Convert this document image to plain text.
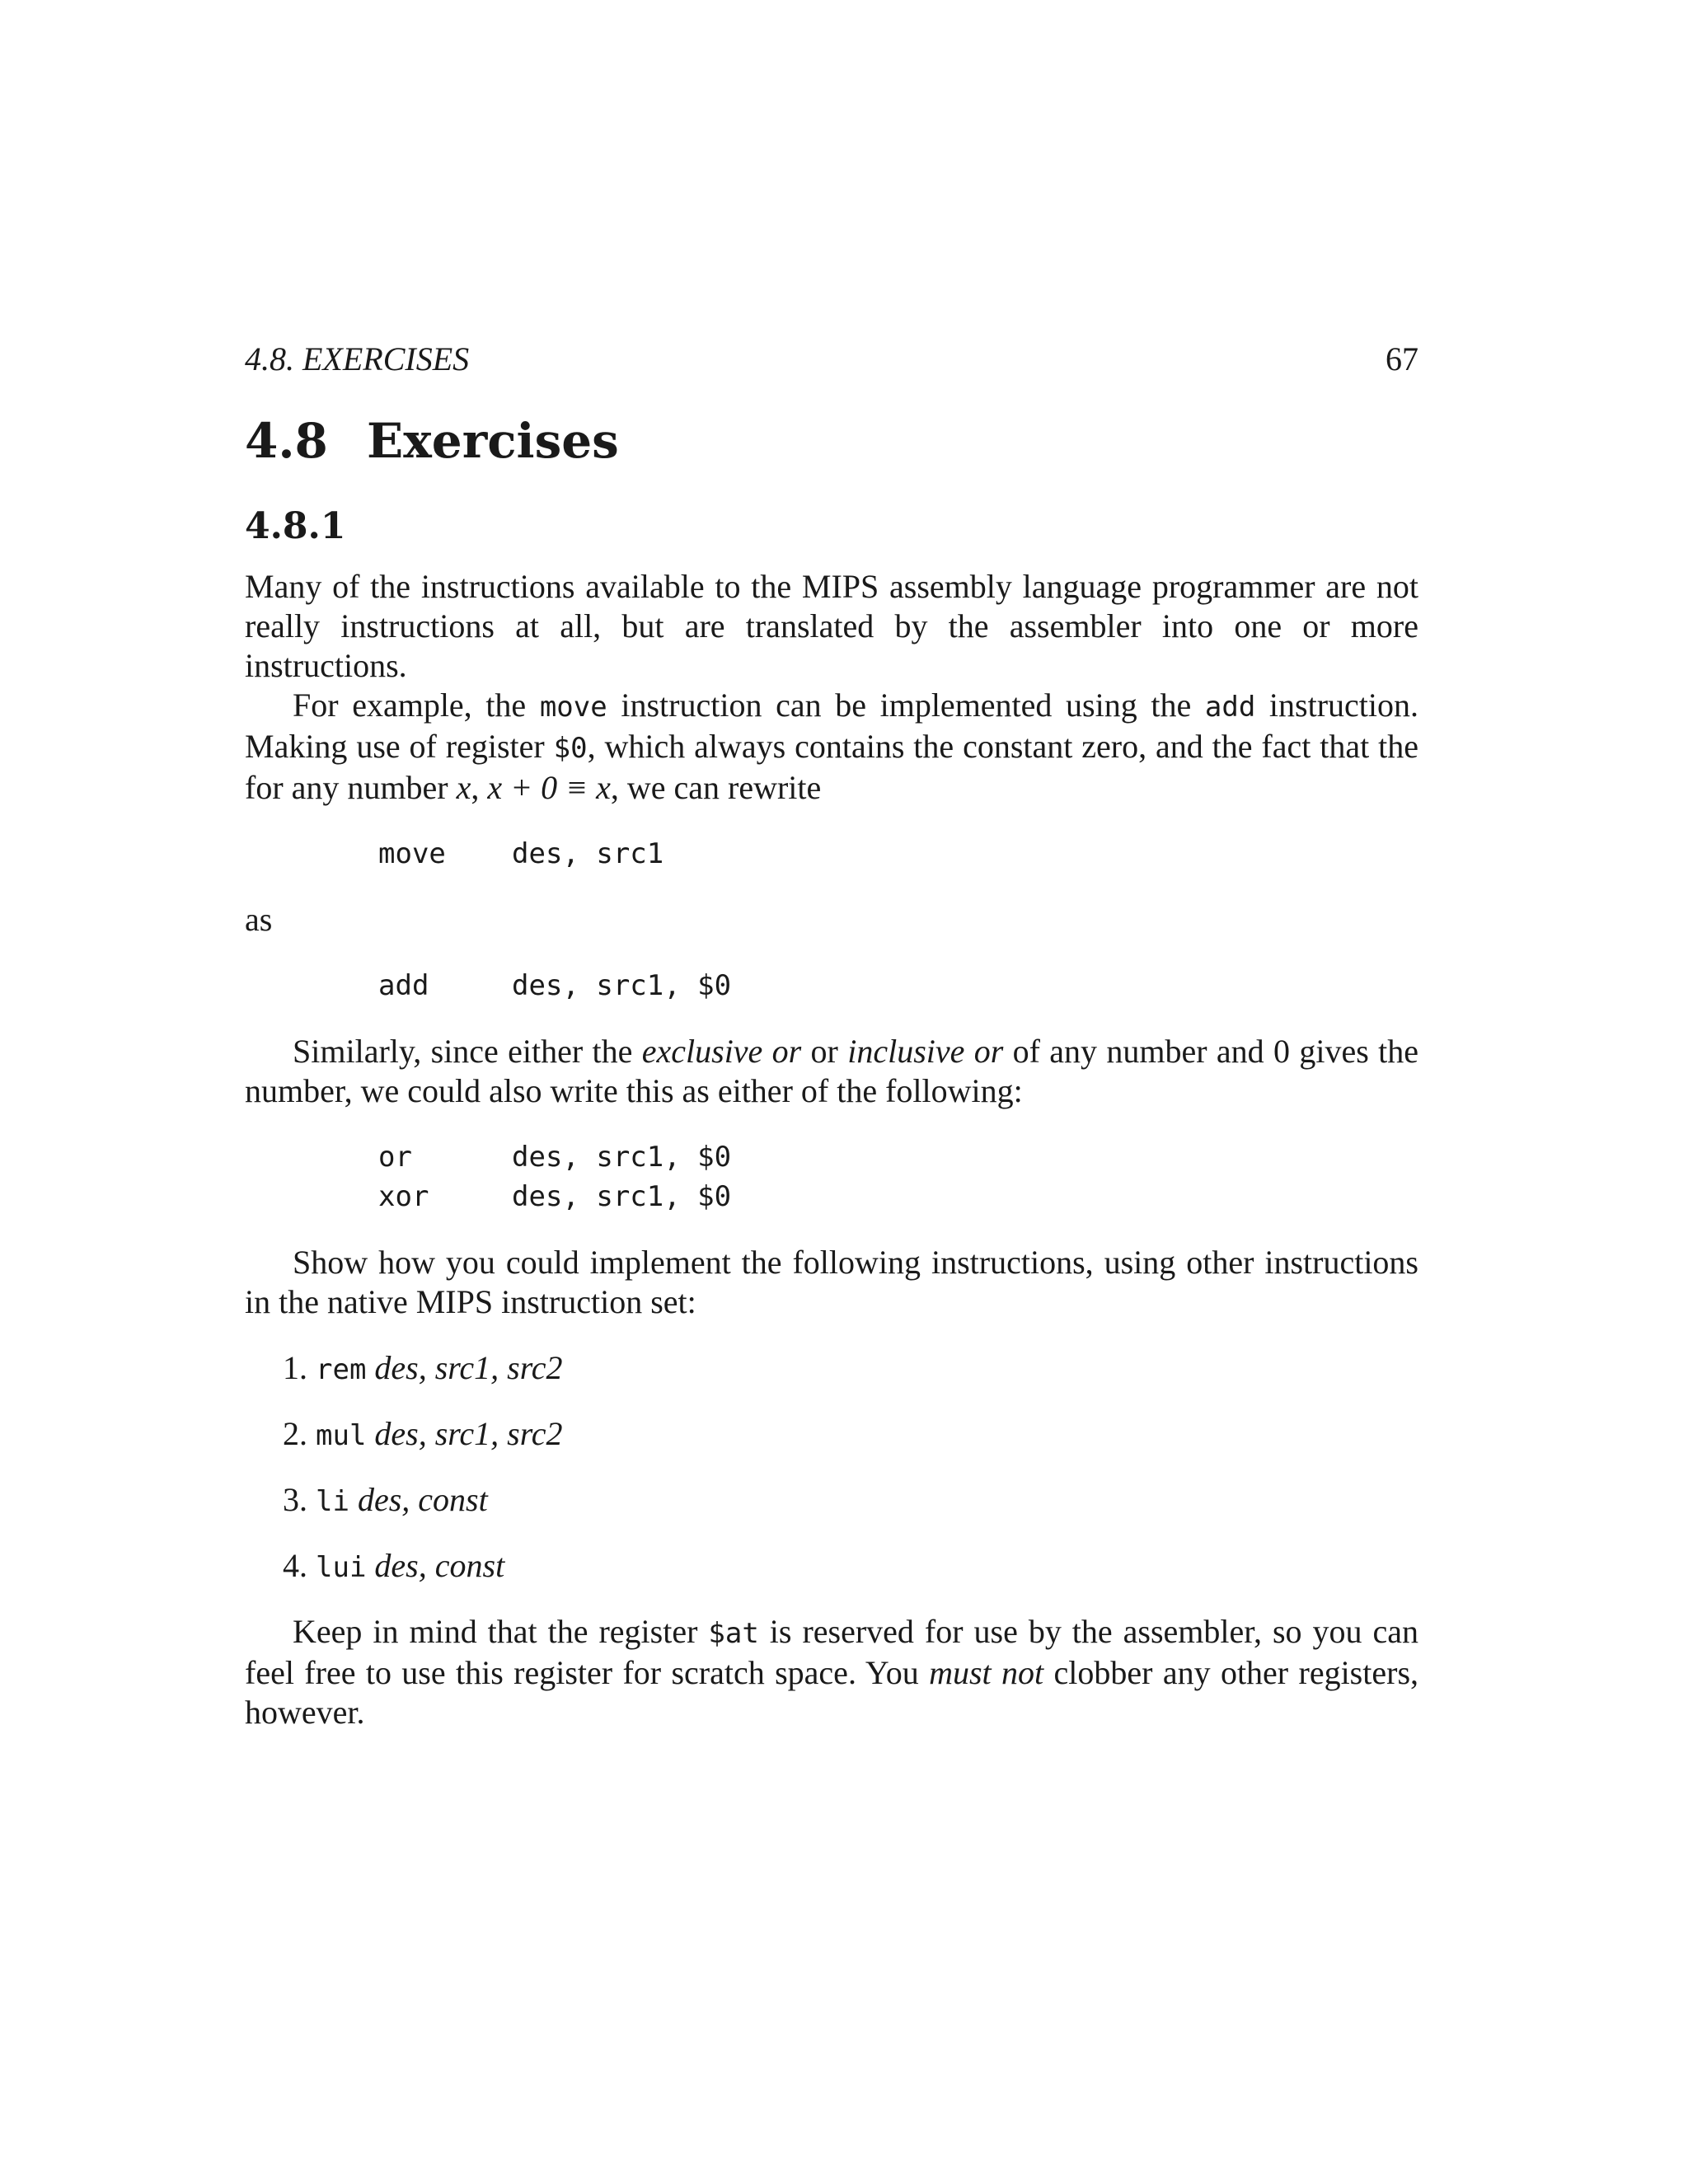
4.8. EXERCISES	67
4.8 Exercises
4.8.1

Many of the instructions available to the MIPS assembly language programmer are not really instructions at all, but are translated by the assembler into one or more instructions.

For example, the move instruction can be implemented using the add instruction. Making use of register $0, which always contains the constant zero, and the fact that the for any number x, x + 0 ≡ x, we can rewrite

move des, src1
as
add	des, src1, $0

Similarly, since either the exclusive or or inclusive or of any number and 0 gives the number, we could also write this as either of the following:

or	des, src1, $0
xor	des, src1, $0

Show how you could implement the following instructions, using other instructions in the native MIPS instruction set:

1. rem des, src1, src2
2. mul des, src1, src2
3. li des, const
4. lui des, const

Keep in mind that the register $at is reserved for use by the assembler, so you can feel free to use this register for scratch space. You must not clobber any other registers, however.
